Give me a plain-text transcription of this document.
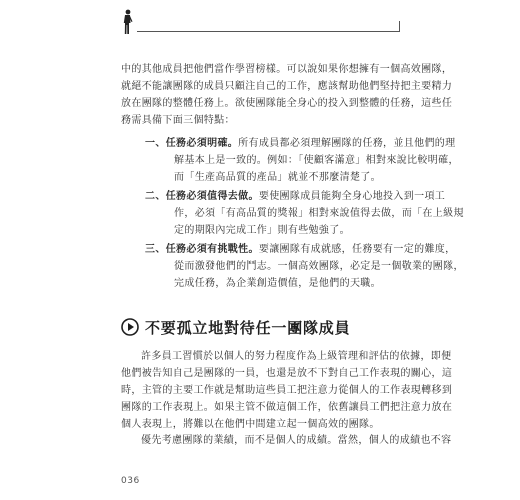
中的其他成員把他們當作學習榜樣。可以說如果你想擁有一個高效團隊，
就絕不能讓團隊的成員只顧注自己的工作，應該幫助他們堅持把主要精力
放在團隊的整體任務上。欲使團隊能全身心的投入到整體的任務，這些任
務需具備下面三個特點：
一、任務必須明確。所有成員都必須理解團隊的任務，並且他們的理
解基本上是一致的。例如：「使顧客滿意」相對來說比較明確，
而「生產高品質的產品」就並不那麼清楚了。
二、任務必須值得去做。要使團隊成員能夠全身心地投入到一項工
作，必須「有高品質的獎報」相對來說值得去做，而「在上級規
定的期限內完成工作」則有些勉強了。
三、任務必須有挑戰性。要讓團隊有成就感，任務要有一定的難度，
從而激發他們的鬥志。一個高效團隊，必定是一個敬業的團隊，
完成任務，為企業創造價值，是他們的天職。
不要孤立地對待任一團隊成員
許多員工習慣於以個人的努力程度作為上級管理和評估的依據，即便
他們被告知自己是團隊的一員，也還是放不下對自己工作表現的關心，這
時，主管的主要工作就是幫助這些員工把注意力從個人的工作表現轉移到
團隊的工作表現上。如果主管不做這個工作，依舊讓員工們把注意力放在
個人表現上，將難以在他們中間建立起一個高效的團隊。
優先考慮團隊的業績，而不是個人的成績。當然，個人的成績也不容
036
